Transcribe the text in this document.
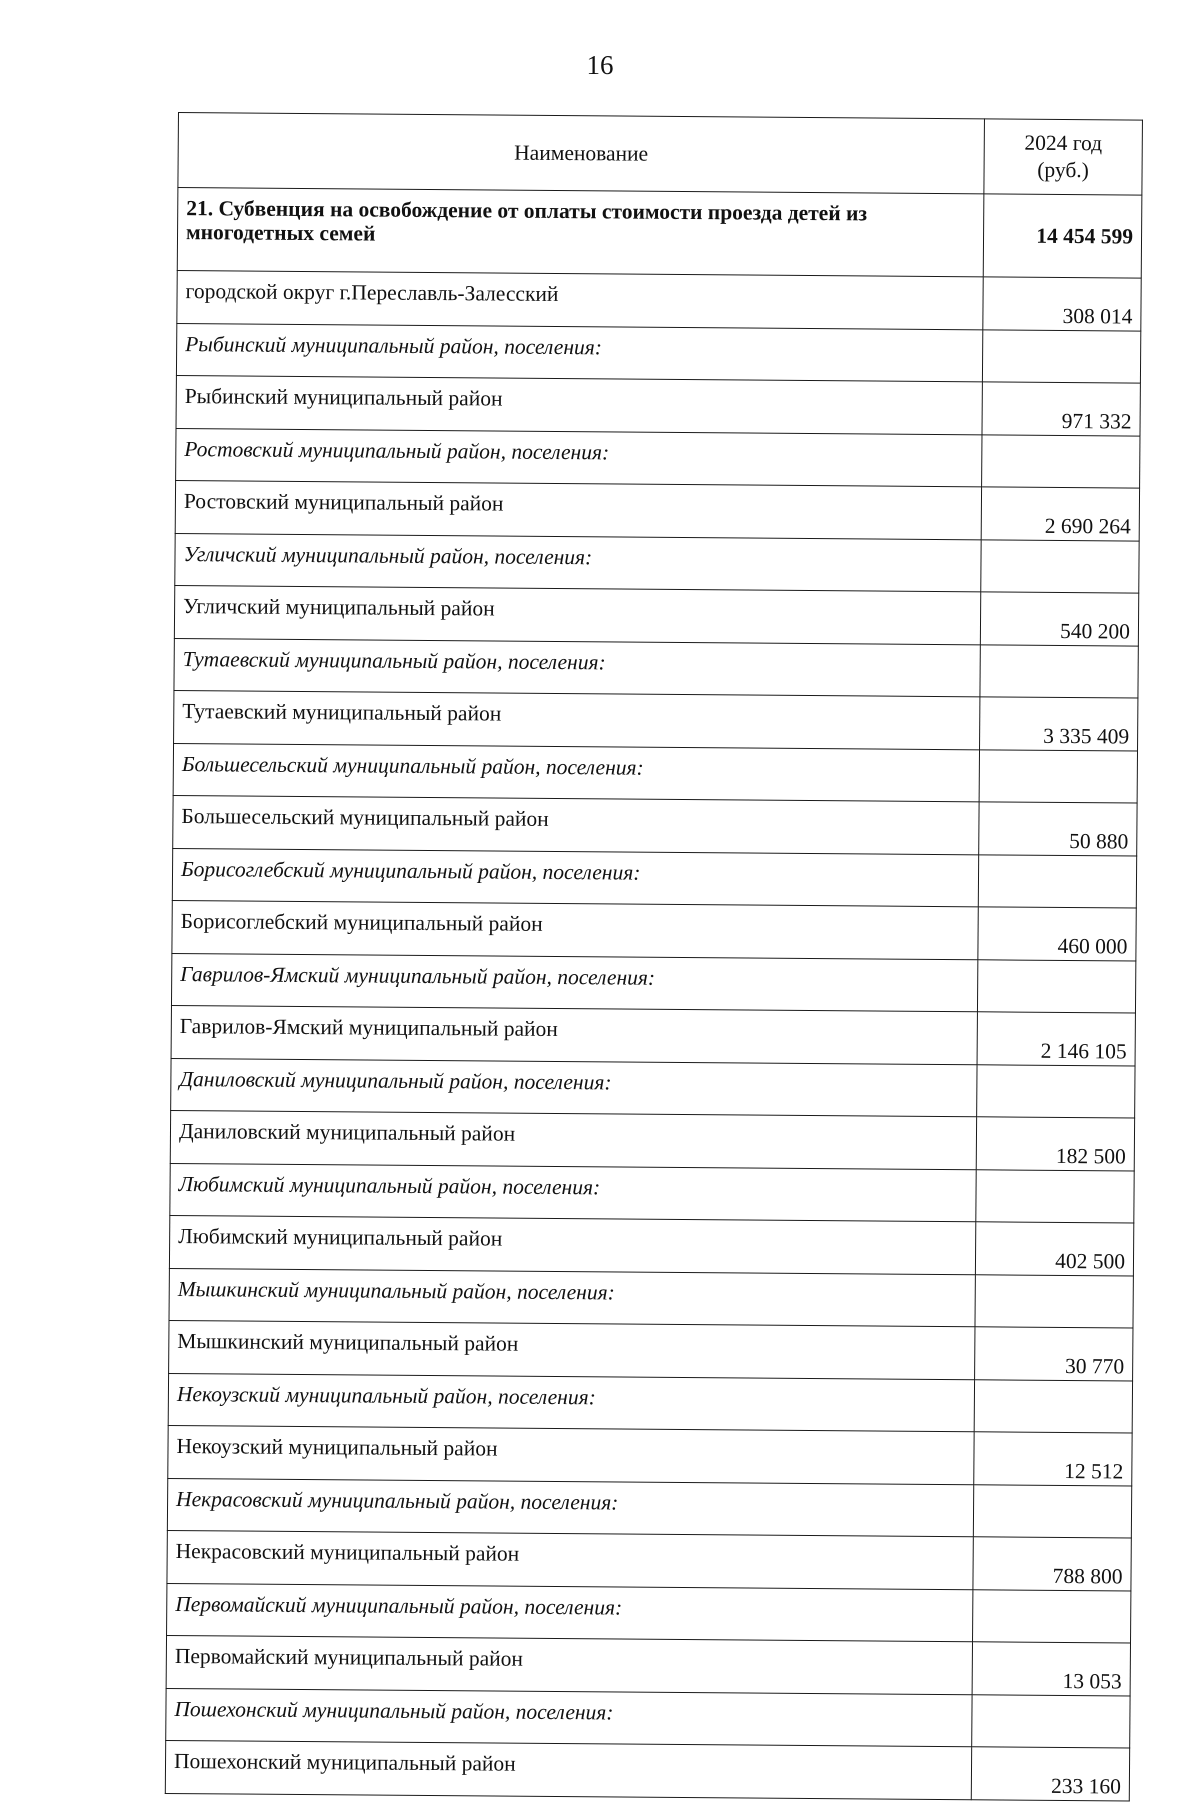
16
Наименование	2024 год
(руб.)
21. Субвенция на освобождение от оплаты стоимости проезда детей из многодетных семей	14 454 599
городской округ г.Переславль-Залесский	308 014
Рыбинский муниципальный район, поселения:	
Рыбинский муниципальный район	971 332
Ростовский муниципальный район, поселения:	
Ростовский муниципальный район	2 690 264
Угличский муниципальный район, поселения:	
Угличский муниципальный район	540 200
Тутаевский муниципальный район, поселения:	
Тутаевский муниципальный район	3 335 409
Большесельский муниципальный район, поселения:	
Большесельский муниципальный район	50 880
Борисоглебский муниципальный район, поселения:	
Борисоглебский муниципальный район	460 000
Гаврилов-Ямский муниципальный район, поселения:	
Гаврилов-Ямский муниципальный район	2 146 105
Даниловский муниципальный район, поселения:	
Даниловский муниципальный район	182 500
Любимский муниципальный район, поселения:	
Любимский муниципальный район	402 500
Мышкинский муниципальный район, поселения:	
Мышкинский муниципальный район	30 770
Некоузский муниципальный район, поселения:	
Некоузский муниципальный район	12 512
Некрасовский муниципальный район, поселения:	
Некрасовский муниципальный район	788 800
Первомайский муниципальный район, поселения:	
Первомайский муниципальный район	13 053
Пошехонский муниципальный район, поселения:	
Пошехонский муниципальный район	233 160
